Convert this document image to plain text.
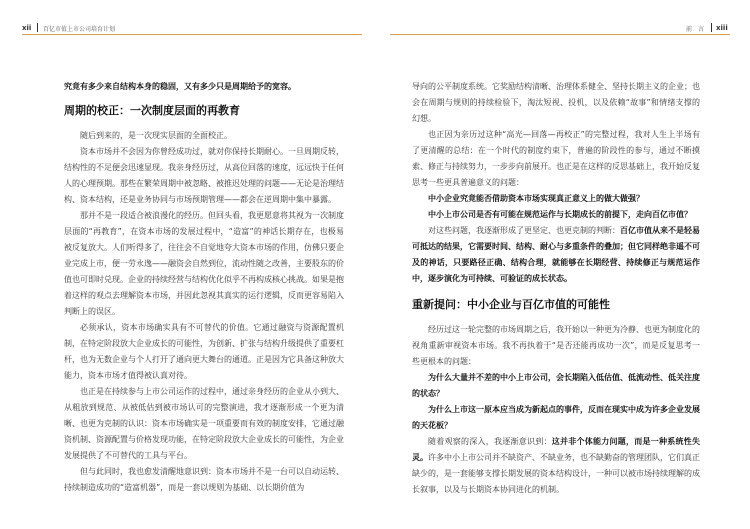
xii 百亿市值上市公司培育计划	前　言 xiii

究竟有多少来自结构本身的稳固，又有多少只是周期给予的宽容。

周期的校正：一次制度层面的再教育

随后到来的，是一次现实层面的全面校正。

资本市场并不会因为你曾经成功过，就对你保持长期耐心。一旦周期反转，结构性的不足便会迅速显现。我亲身经历过，从高位回落的速度，远远快于任何人的心理预期。那些在繁荣周期中被忽略、被推迟处理的问题——无论是治理结构、资本结构，还是业务协同与市场预期管理——都会在逆周期中集中暴露。

那并不是一段适合被浪漫化的经历。但回头看，我更愿意将其视为一次制度层面的“再教育”，在资本市场的发展过程中，“造富”的神话长期存在，也极易被反复放大。人们听得多了，往往会不自觉地夸大资本市场的作用，仿佛只要企业完成上市，便一劳永逸——融资会自然到位，流动性随之改善，主要股东的价值也可即时兑现。企业的持续经营与结构优化似乎不再构成核心挑战。如果是抱着这样的观点去理解资本市场，并因此忽视其真实的运行逻辑，反而更容易陷入判断上的误区。

必须承认，资本市场确实具有不可替代的价值。它通过融资与资源配置机制，在特定阶段放大企业成长的可能性，为创新、扩张与结构升级提供了重要杠杆，也为无数企业与个人打开了通向更大舞台的通道。正是因为它具备这种放大能力，资本市场才值得被认真对待。

也正是在持续参与上市公司运作的过程中，通过亲身经历的企业从小到大、从粗放到规范、从被低估到被市场认可的完整演进，我才逐渐形成一个更为清晰、也更为克制的认识：资本市场确实是一项重要而有效的制度安排，它通过融资机制、资源配置与价格发现功能，在特定阶段放大企业成长的可能性，为企业发展提供了不可替代的工具与平台。

但与此同时，我也愈发清醒地意识到：资本市场并不是一台可以自动运转、持续制造成功的“造富机器”，而是一套以规则为基础、以长期价值为

导向的公平制度系统。它奖励结构清晰、治理体系健全、坚持长期主义的企业；也会在周期与规则的持续检验下，淘汰短视、投机，以及依赖“故事”和情绪支撑的幻想。

也正因为亲历过这种“高光—回落—再校正”的完整过程，我对人生上半场有了更清醒的总结：在一个时代的制度约束下，普遍的阶段性的参与，通过不断摸索、修正与持续努力，一步步向前展开。也正是在这样的反思基础上，我开始反复思考一些更具普遍意义的问题：

中小企业究竟能否借助资本市场实现真正意义上的做大做强？

中小上市公司是否有可能在规范运作与长期成长的前提下，走向百亿市值？

对这些问题，我逐渐形成了更坚定、也更克制的判断：百亿市值从来不是轻易可抵达的结果，它需要时间、结构、耐心与多重条件的叠加；但它同样绝非遥不可及的神话，只要路径正确、结构合理，就能够在长期经营、持续修正与规范运作中，逐步演化为可持续、可验证的成长状态。

重新提问：中小企业与百亿市值的可能性

经历过这一轮完整的市场周期之后，我开始以一种更为冷静、也更为制度化的视角重新审视资本市场。我不再执着于“是否还能再成功一次”，而是反复思考一些更根本的问题：

为什么大量并不差的中小上市公司，会长期陷入低估值、低流动性、低关注度的状态？

为什么上市这一原本应当成为新起点的事件，反而在现实中成为许多企业发展的天花板？

随着观察的深入，我逐渐意识到：这并非个体能力问题，而是一种系统性失灵。许多中小上市公司并不缺资产、不缺业务，也不缺勤奋的管理团队，它们真正缺少的，是一套能够支撑长期发展的资本结构设计，一种可以被市场持续理解的成长叙事，以及与长期资本协同进化的机制。
